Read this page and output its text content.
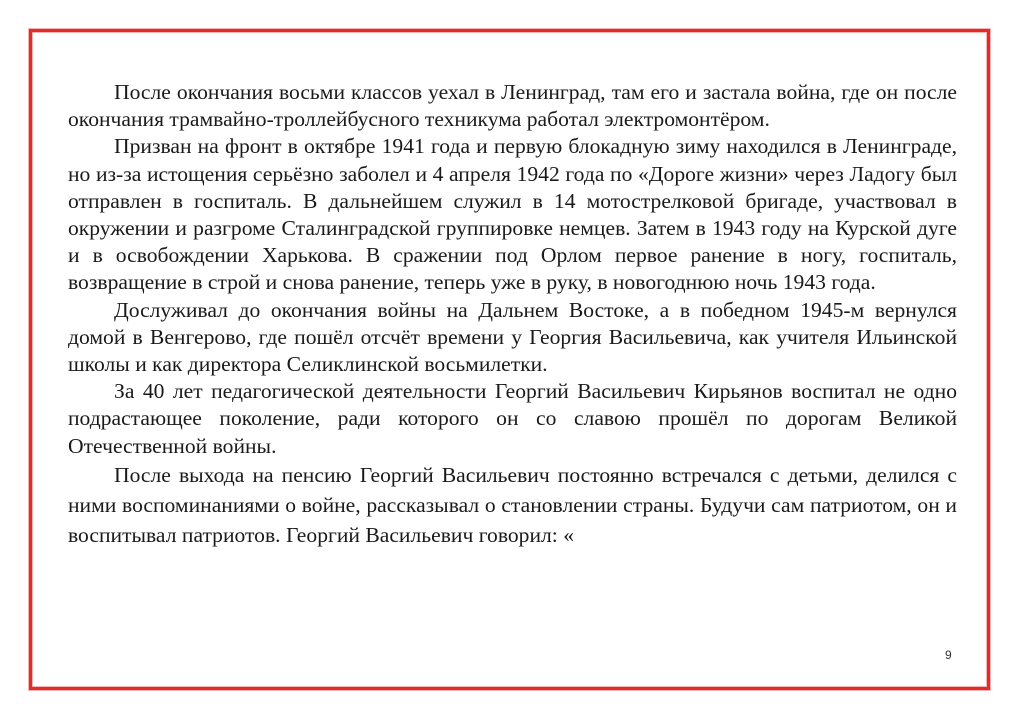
После окончания восьми классов уехал в Ленинград, там его и застала война, где он после окончания трамвайно-троллейбусного техникума работал электромонтёром.

Призван на фронт в октябре 1941 года и первую блокадную зиму находился в Ленинграде, но из-за истощения серьёзно заболел и 4 апреля 1942 года по «Дороге жизни» через Ладогу был отправлен в госпиталь. В дальнейшем служил в 14 мотострелковой бригаде, участвовал в окружении и разгроме Сталинградской группировке немцев. Затем в 1943 году на Курской дуге и в освобождении Харькова. В сражении под Орлом первое ранение в ногу, госпиталь, возвращение в строй и снова ранение, теперь уже в руку, в новогоднюю ночь 1943 года.

Дослуживал до окончания войны на Дальнем Востоке, а в победном 1945-м вернулся домой в Венгерово, где пошёл отсчёт времени у Георгия Васильевича, как учителя Ильинской школы и как директора Селиклинской восьмилетки.

За 40 лет педагогической деятельности Георгий Васильевич Кирьянов воспитал не одно подрастающее поколение, ради которого он со славою прошёл по дорогам Великой Отечественной войны.

После выхода на пенсию Георгий Васильевич постоянно встречался с детьми, делился с ними воспоминаниями о войне, рассказывал о становлении страны. Будучи сам патриотом, он и воспитывал патриотов. Георгий Васильевич говорил: «

9
